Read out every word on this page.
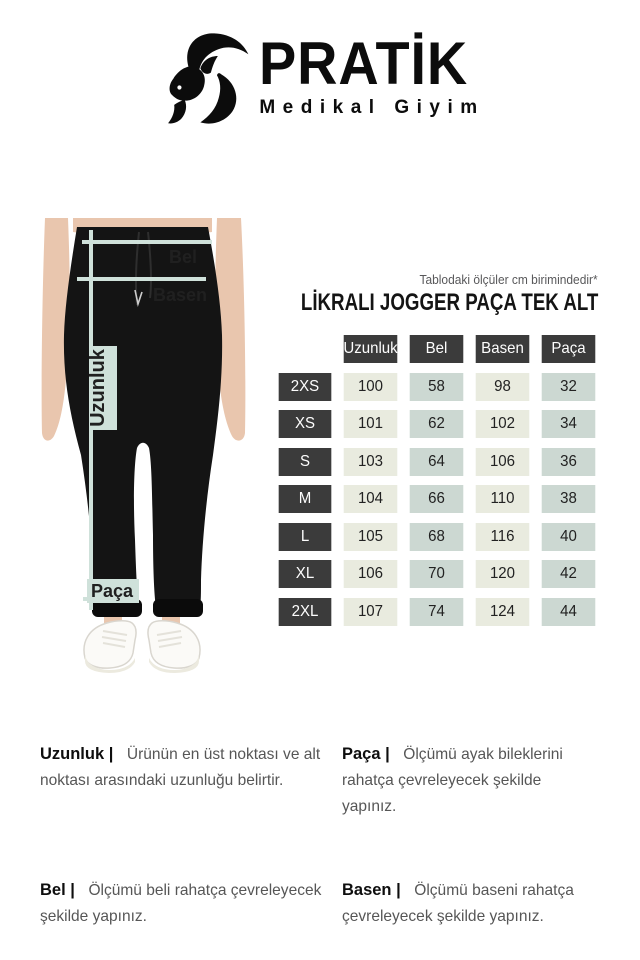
PRATİK
Medikal Giyim
Tablodaki ölçüler cm birimindedir*
LİKRALI JOGGER PAÇA TEK ALT
Bel
Basen
Uzunluk
Paça
Uzunluk	Bel	Basen	Paça
2XS	100	58	98	32
XS	101	62	102	34
S	103	64	106	36
M	104	66	110	38
L	105	68	116	40
XL	106	70	120	42
2XL	107	74	124	44

Uzunluk | Ürünün en üst noktası ve alt noktası arasındaki uzunluğu belirtir.

Paça | Ölçümü ayak bileklerini rahatça çevreleyecek şekilde yapınız.

Bel | Ölçümü beli rahatça çevreleyecek şekilde yapınız.

Basen | Ölçümü baseni rahatça çevreleyecek şekilde yapınız.
